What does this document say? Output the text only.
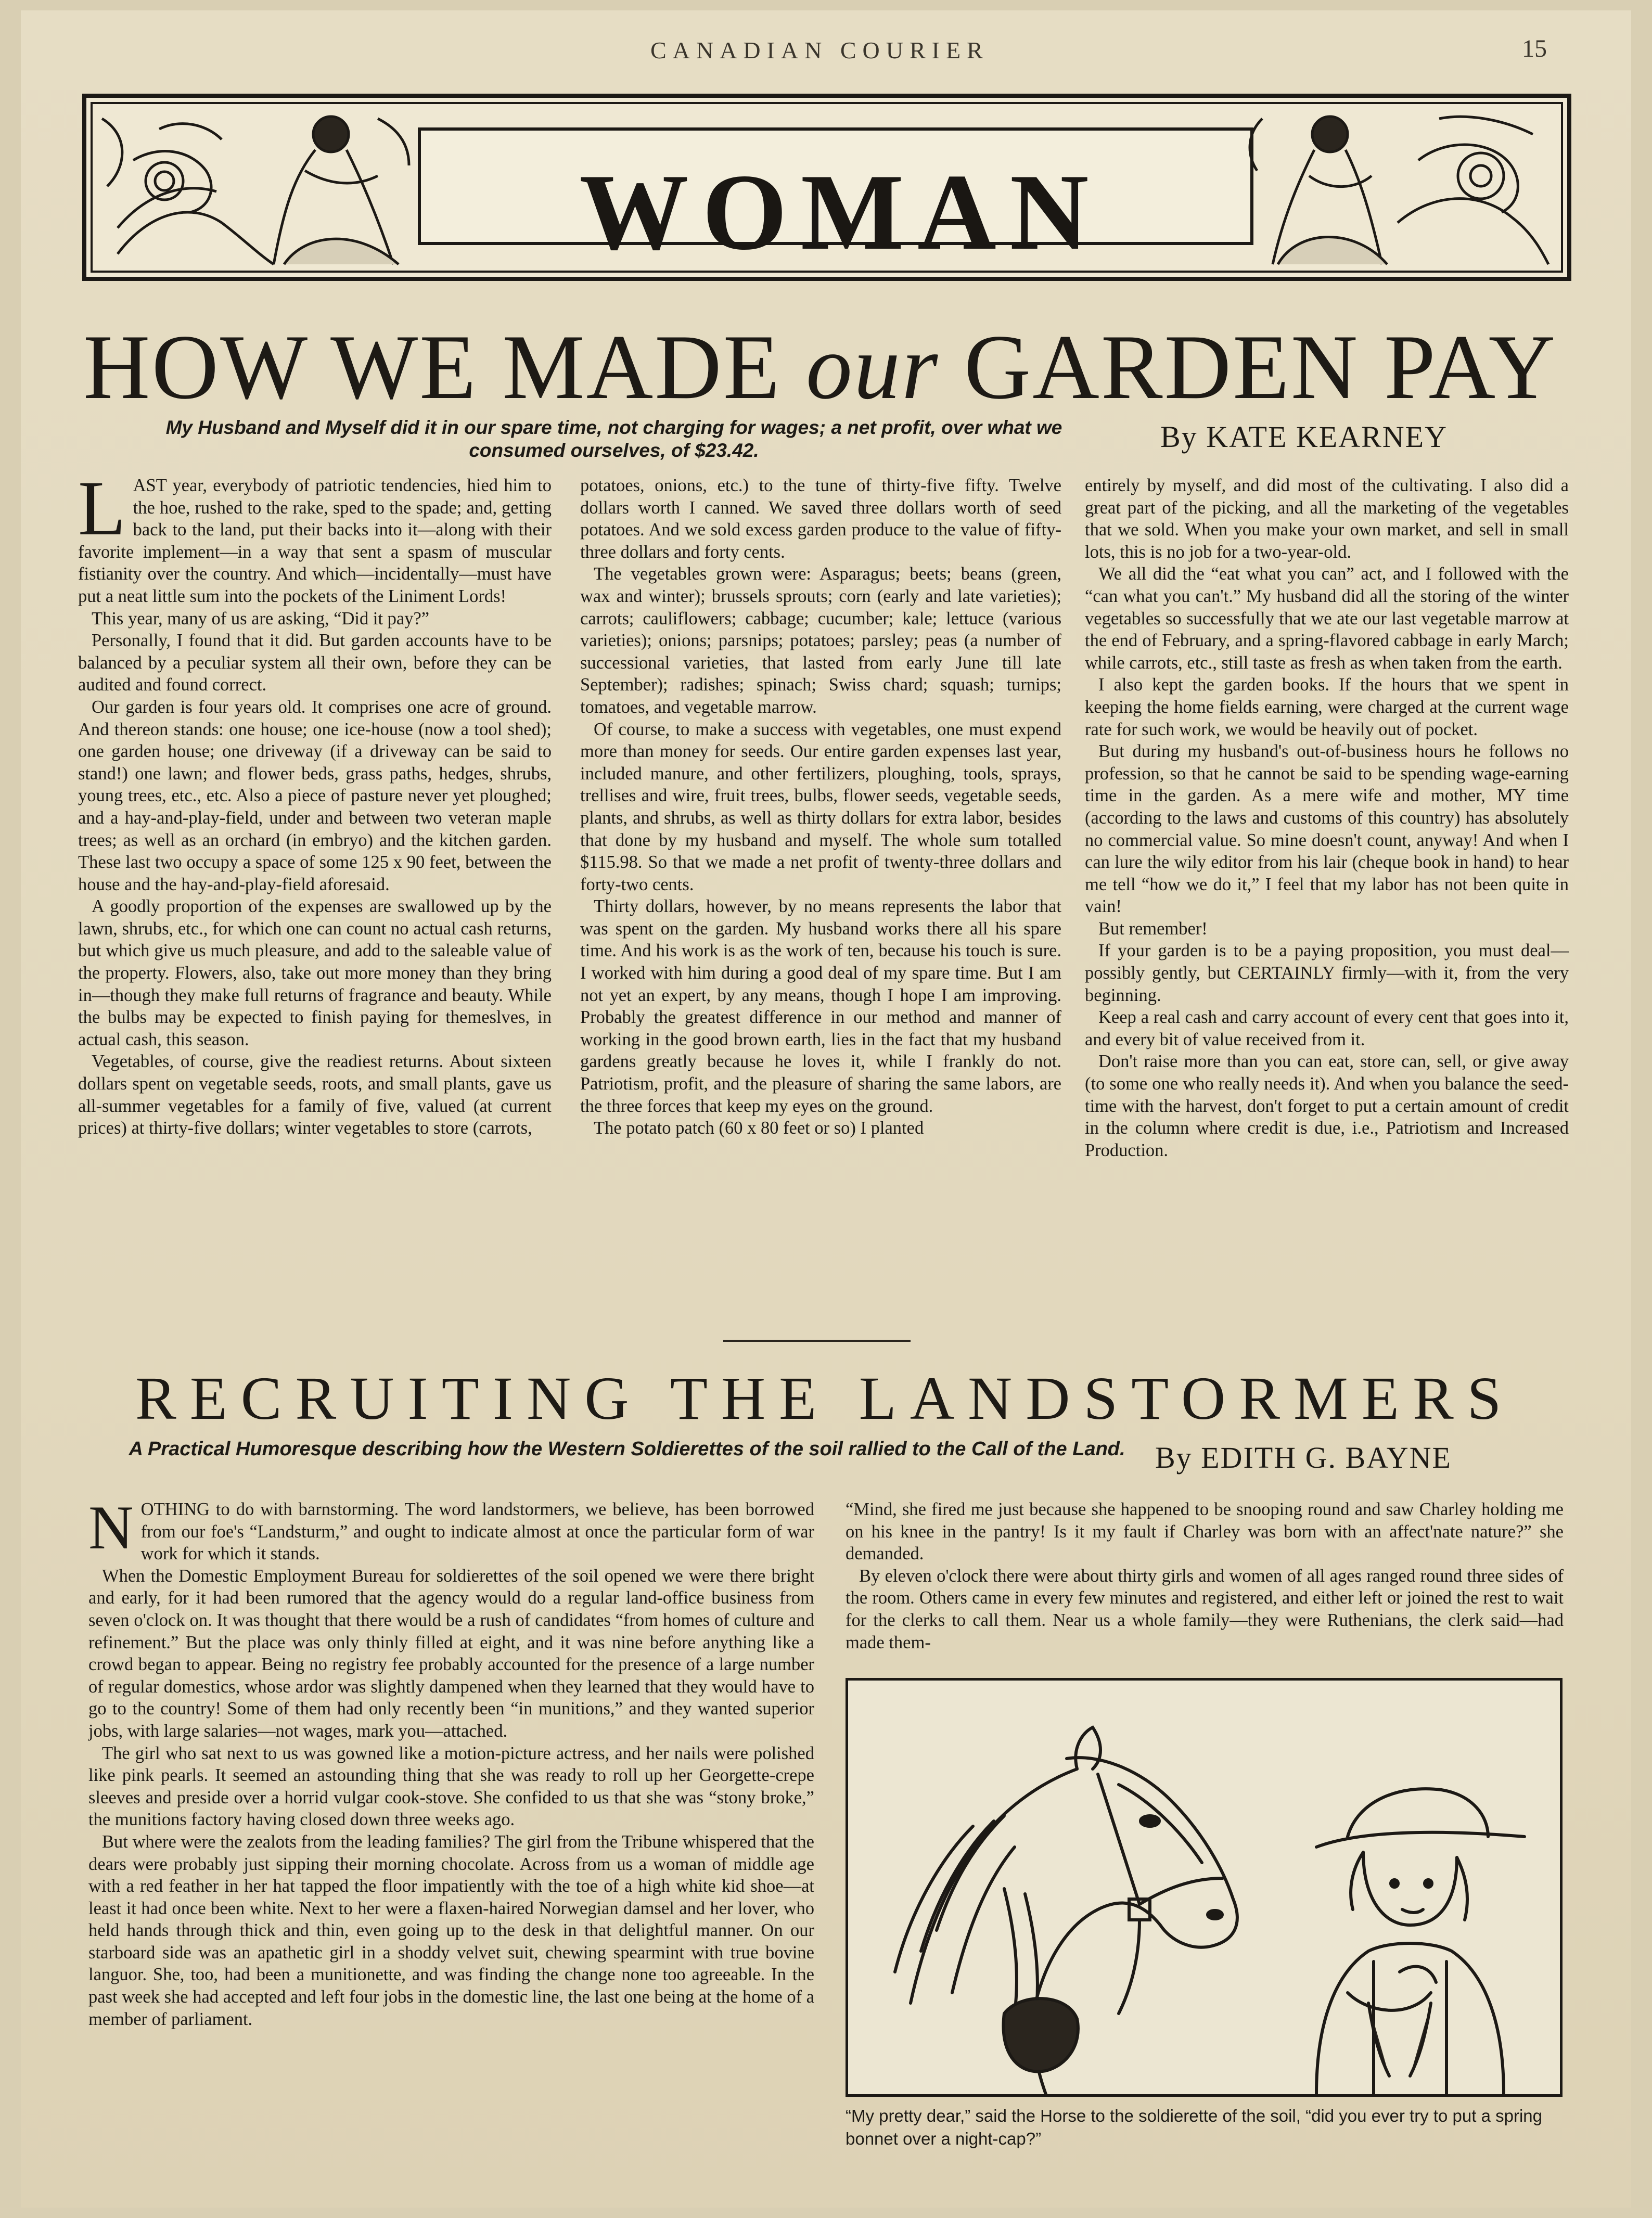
CANADIAN COURIER	15
WOMAN
HOW WE MADE our GARDEN PAY
My Husband and Myself did it in our spare time, not charging for wages; a net profit, over what we consumed ourselves, of $23.42.	By KATE KEARNEY

LAST year, everybody of patriotic tendencies, hied him to the hoe, rushed to the rake, sped to the spade; and, getting back to the land, put their backs into it—along with their favorite implement—in a way that sent a spasm of muscular fistianity over the country. And which—incidentally—must have put a neat little sum into the pockets of the Liniment Lords!

This year, many of us are asking, “Did it pay?”

Personally, I found that it did. But garden accounts have to be balanced by a peculiar system all their own, before they can be audited and found correct.

Our garden is four years old. It comprises one acre of ground. And thereon stands: one house; one ice-house (now a tool shed); one garden house; one driveway (if a driveway can be said to stand!) one lawn; and flower beds, grass paths, hedges, shrubs, young trees, etc., etc. Also a piece of pasture never yet ploughed; and a hay-and-play-field, under and between two veteran maple trees; as well as an orchard (in embryo) and the kitchen garden. These last two occupy a space of some 125 x 90 feet, between the house and the hay-and-play-field aforesaid.

A goodly proportion of the expenses are swallowed up by the lawn, shrubs, etc., for which one can count no actual cash returns, but which give us much pleasure, and add to the saleable value of the property. Flowers, also, take out more money than they bring in—though they make full returns of fragrance and beauty. While the bulbs may be expected to finish paying for themeslves, in actual cash, this season.

Vegetables, of course, give the readiest returns. About sixteen dollars spent on vegetable seeds, roots, and small plants, gave us all-summer vegetables for a family of five, valued (at current prices) at thirty-five dollars; winter vegetables to store (carrots,

potatoes, onions, etc.) to the tune of thirty-five fifty. Twelve dollars worth I canned. We saved three dollars worth of seed potatoes. And we sold excess garden produce to the value of fifty-three dollars and forty cents.

The vegetables grown were: Asparagus; beets; beans (green, wax and winter); brussels sprouts; corn (early and late varieties); carrots; cauliflowers; cabbage; cucumber; kale; lettuce (various varieties); onions; parsnips; potatoes; parsley; peas (a number of successional varieties, that lasted from early June till late September); radishes; spinach; Swiss chard; squash; turnips; tomatoes, and vegetable marrow.

Of course, to make a success with vegetables, one must expend more than money for seeds. Our entire garden expenses last year, included manure, and other fertilizers, ploughing, tools, sprays, trellises and wire, fruit trees, bulbs, flower seeds, vegetable seeds, plants, and shrubs, as well as thirty dollars for extra labor, besides that done by my husband and myself. The whole sum totalled $115.98. So that we made a net profit of twenty-three dollars and forty-two cents.

Thirty dollars, however, by no means represents the labor that was spent on the garden. My husband works there all his spare time. And his work is as the work of ten, because his touch is sure. I worked with him during a good deal of my spare time. But I am not yet an expert, by any means, though I hope I am improving. Probably the greatest difference in our method and manner of working in the good brown earth, lies in the fact that my husband gardens greatly because he loves it, while I frankly do not. Patriotism, profit, and the pleasure of sharing the same labors, are the three forces that keep my eyes on the ground.

The potato patch (60 x 80 feet or so) I planted

entirely by myself, and did most of the cultivating. I also did a great part of the picking, and all the marketing of the vegetables that we sold. When you make your own market, and sell in small lots, this is no job for a two-year-old.

We all did the “eat what you can” act, and I followed with the “can what you can't.” My husband did all the storing of the winter vegetables so successfully that we ate our last vegetable marrow at the end of February, and a spring-flavored cabbage in early March; while carrots, etc., still taste as fresh as when taken from the earth.

I also kept the garden books. If the hours that we spent in keeping the home fields earning, were charged at the current wage rate for such work, we would be heavily out of pocket.

But during my husband's out-of-business hours he follows no profession, so that he cannot be said to be spending wage-earning time in the garden. As a mere wife and mother, MY time (according to the laws and customs of this country) has absolutely no commercial value. So mine doesn't count, anyway! And when I can lure the wily editor from his lair (cheque book in hand) to hear me tell “how we do it,” I feel that my labor has not been quite in vain!

But remember!

If your garden is to be a paying proposition, you must deal—possibly gently, but CERTAINLY firmly—with it, from the very beginning.

Keep a real cash and carry account of every cent that goes into it, and every bit of value received from it.

Don't raise more than you can eat, store can, sell, or give away (to some one who really needs it). And when you balance the seed-time with the harvest, don't forget to put a certain amount of credit in the column where credit is due, i.e., Patriotism and Increased Production.

RECRUITING THE LANDSTORMERS
A Practical Humoresque describing how the Western Soldierettes of the soil rallied to the Call of the Land. By EDITH G. BAYNE

NOTHING to do with barnstorming. The word landstormers, we believe, has been borrowed from our foe's “Landsturm,” and ought to indicate almost at once the particular form of war work for which it stands.

When the Domestic Employment Bureau for soldierettes of the soil opened we were there bright and early, for it had been rumored that the agency would do a regular land-office business from seven o'clock on. It was thought that there would be a rush of candidates “from homes of culture and refinement.” But the place was only thinly filled at eight, and it was nine before anything like a crowd began to appear. Being no registry fee probably accounted for the presence of a large number of regular domestics, whose ardor was slightly dampened when they learned that they would have to go to the country! Some of them had only recently been “in munitions,” and they wanted superior jobs, with large salaries—not wages, mark you—attached.

The girl who sat next to us was gowned like a motion-picture actress, and her nails were polished like pink pearls. It seemed an astounding thing that she was ready to roll up her Georgette-crepe sleeves and preside over a horrid vulgar cook-stove. She confided to us that she was “stony broke,” the munitions factory having closed down three weeks ago.

But where were the zealots from the leading families? The girl from the Tribune whispered that the dears were probably just sipping their morning chocolate. Across from us a woman of middle age with a red feather in her hat tapped the floor impatiently with the toe of a high white kid shoe—at least it had once been white. Next to her were a flaxen-haired Norwegian damsel and her lover, who held hands through thick and thin, even going up to the desk in that delightful manner. On our starboard side was an apathetic girl in a shoddy velvet suit, chewing spearmint with true bovine languor. She, too, had been a munitionette, and was finding the change none too agreeable. In the past week she had accepted and left four jobs in the domestic line, the last one being at the home of a member of parliament.

“Mind, she fired me just because she happened to be snooping round and saw Charley holding me on his knee in the pantry! Is it my fault if Charley was born with an affect'nate nature?” she demanded.

By eleven o'clock there were about thirty girls and women of all ages ranged round three sides of the room. Others came in every few minutes and registered, and either left or joined the rest to wait for the clerks to call them. Near us a whole family—they were Ruthenians, the clerk said—had made them-

“My pretty dear,” said the Horse to the soldierette of the soil, “did you ever try to put a spring bonnet over a night-cap?”
